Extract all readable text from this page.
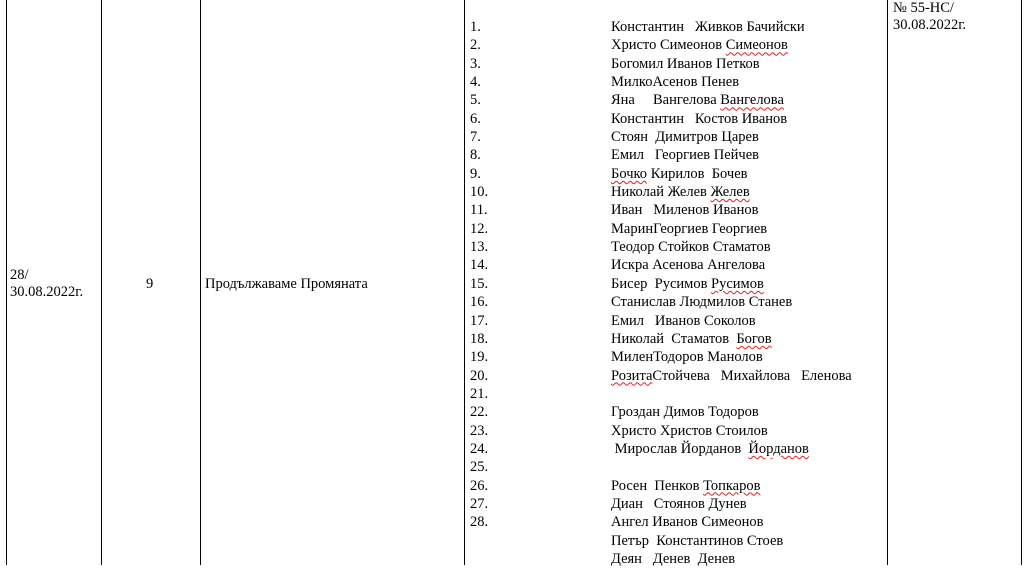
28/
30.08.2022г.	9	Продължаваме Промяната
1.
2.
3.
4.
5.
6.
7.
8.
9.
10.
11.
12.
13.
14.
15.
16.
17.
18.
19.
20.
21.
22.
23.
24.
25.
26.
27.
28.
Константин   Живков Бачийски
Христо Симеонов Симеонов
Богомил Иванов Петков
МилкоАсенов Пенев
Яна     Вангелова Вангелова
Константин   Костов Иванов
Стоян  Димитров Царев
Емил   Георгиев Пейчев
Бочко Кирилов  Бочев
Николай Желев Желев
Иван   Миленов Иванов
МаринГеоргиев Георгиев
Теодор Стойков Стаматов
Искра Асенова Ангелова
Бисер  Русимов Русимов
Станислав Людмилов Станев
Емил   Иванов Соколов
Николай  Стаматов  Богов
МиленТодоров Манолов
РозитаСтойчева   Михайлова   Еленова
Гроздан Димов Тодоров
Христо Христов Стоилов
Мирослав Йорданов  Йорданов
Росен  Пенков Топкаров
Диан   Стоянов Дунев
Ангел Иванов Симеонов
Петър  Константинов Стоев
Деян   Денев  Денев
№ 55-НС/
30.08.2022г.
